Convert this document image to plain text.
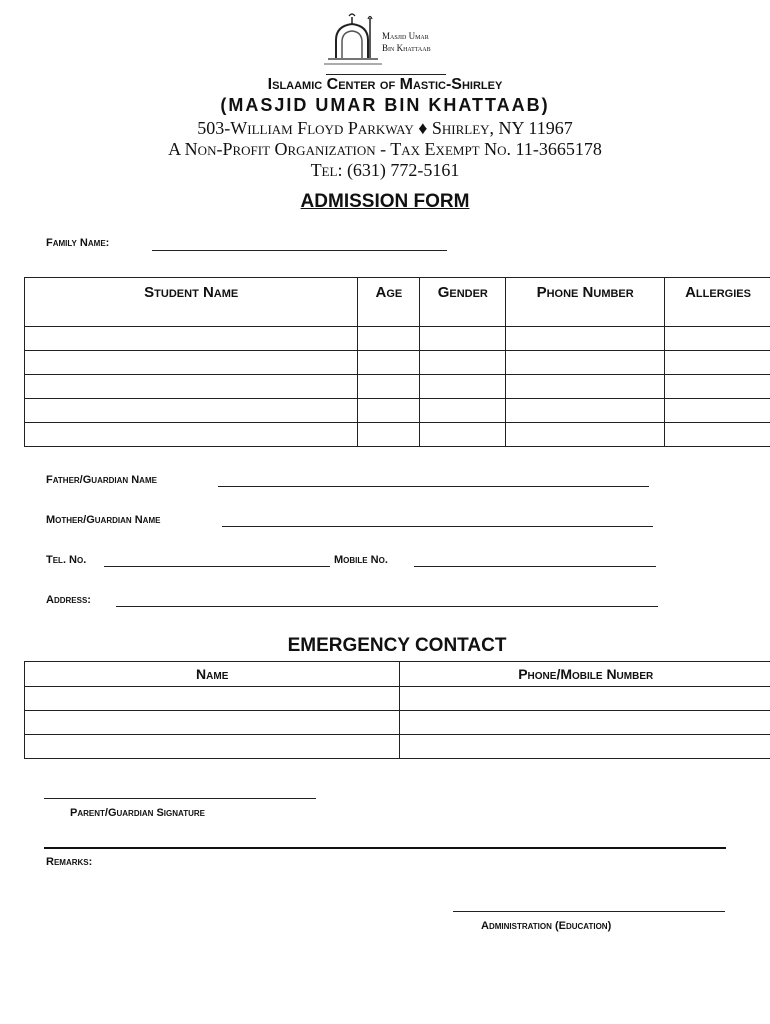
Masjid Umar
Bin Khattaab
Islaamic Center of Mastic-Shirley
(MASJID UMAR BIN KHATTAAB)
503-William Floyd Parkway ♦ Shirley, NY 11967
A Non-Profit Organization - Tax Exempt No. 11-3665178
Tel: (631) 772-5161
ADMISSION FORM
Family Name:
Student Name	Age	Gender	Phone Number	Allergies

Father/Guardian Name
Mother/Guardian Name
Tel. No.	Mobile No.
Address:
EMERGENCY CONTACT
Name	Phone/Mobile Number

Parent/Guardian Signature
Remarks:
Administration (Education)
